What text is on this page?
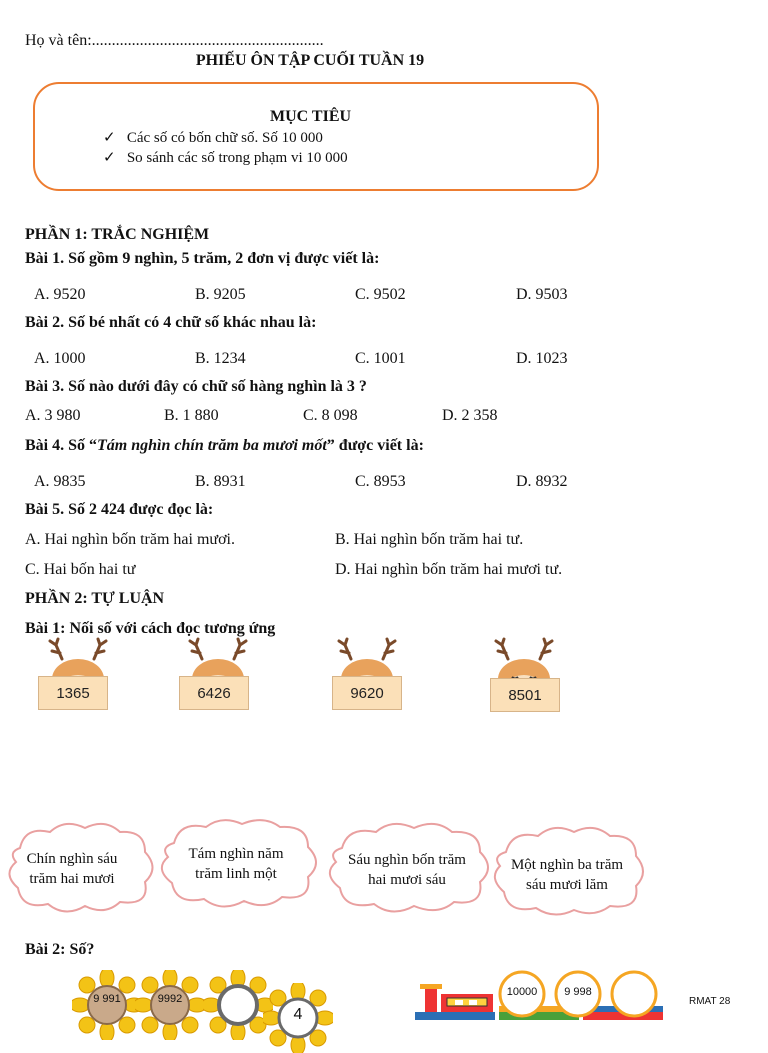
Họ và tên:..........................................................
PHIẾU ÔN TẬP CUỐI TUẦN 19
MỤC TIÊU
✓ Các số có bốn chữ số. Số 10 000
✓ So sánh các số trong phạm vi 10 000
PHẦN 1: TRẮC NGHIỆM
Bài 1. Số gồm 9 nghìn, 5 trăm, 2 đơn vị được viết là:
A. 9520	B. 9205	C. 9502	D. 9503
Bài 2. Số bé nhất có 4 chữ số khác nhau là:
A. 1000	B. 1234	C. 1001	D. 1023
Bài 3. Số nào dưới đây có chữ số hàng nghìn là 3 ?
A. 3 980	B. 1 880	C. 8 098	D. 2 358
Bài 4. Số “Tám nghìn chín trăm ba mươi mốt” được viết là:
A. 9835	B. 8931	C. 8953	D. 8932
Bài 5. Số 2 424 được đọc là:
A. Hai nghìn bốn trăm hai mươi.	B. Hai nghìn bốn trăm hai tư.
C. Hai bốn hai tư	D. Hai nghìn bốn trăm hai mươi tư.
PHẦN 2: TỰ LUẬN
Bài 1: Nối số với cách đọc tương ứng
1365	6426	9620	8501
Chín nghìn sáu
trăm hai mươi
Tám nghìn năm
trăm linh một
Sáu nghìn bốn trăm
hai mươi sáu
Một nghìn ba trăm
sáu mươi lăm
Bài 2: Số?
9 991	9992
4
10000	9 998
RMAT 28
